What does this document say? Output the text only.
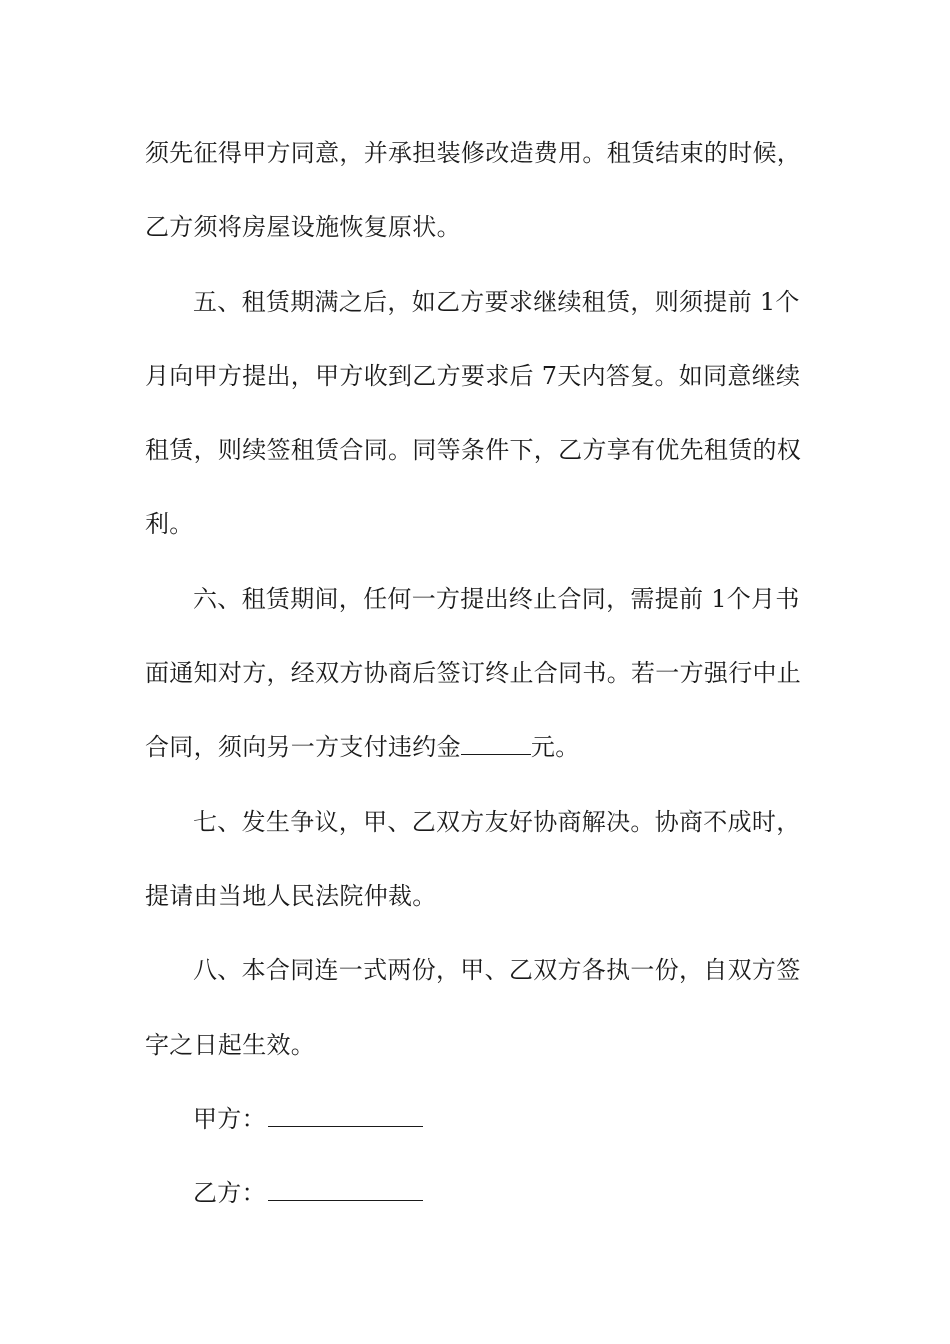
须先征得甲方同意，并承担装修改造费用。租赁结束的时候，
乙方须将房屋设施恢复原状。
五、租赁期满之后，如乙方要求继续租赁，则须提前 1个
月向甲方提出，甲方收到乙方要求后 7天内答复。如同意继续
租赁，则续签租赁合同。同等条件下，乙方享有优先租赁的权
利。
六、租赁期间，任何一方提出终止合同，需提前 1个月书
面通知对方，经双方协商后签订终止合同书。若一方强行中止
合同，须向另一方支付违约金	元。
七、发生争议，甲、乙双方友好协商解决。协商不成时，
提请由当地人民法院仲裁。
八、本合同连一式两份，甲、乙双方各执一份，自双方签
字之日起生效。
甲方：
乙方：
